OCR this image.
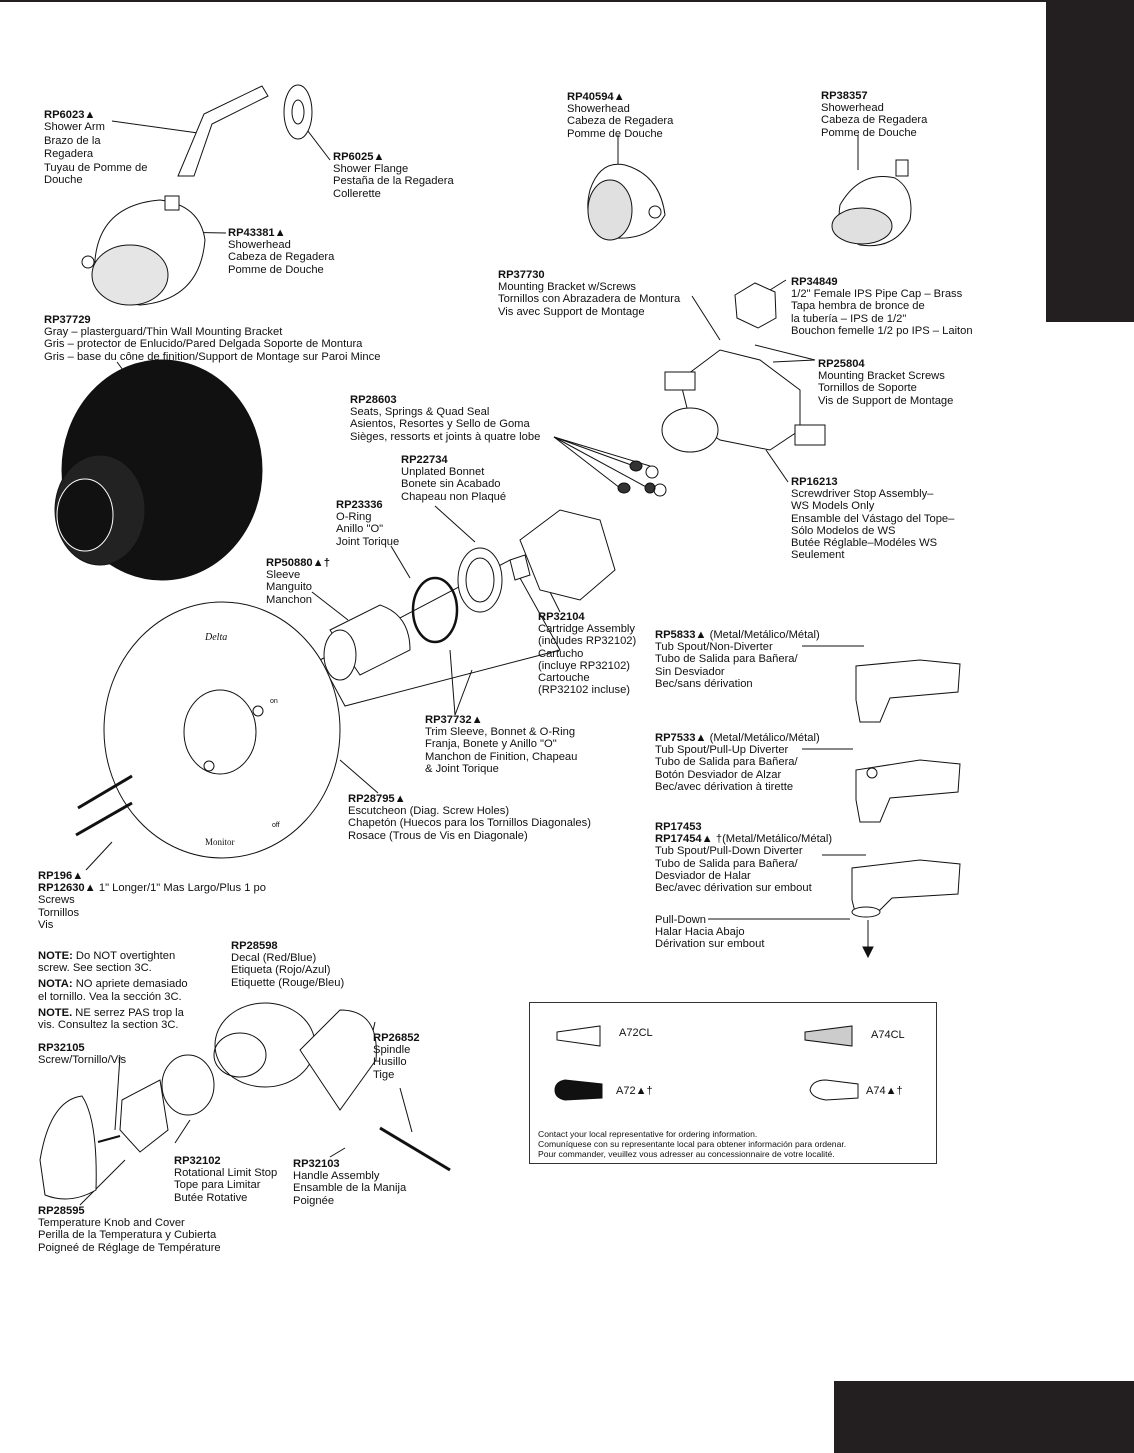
Delta
on
Monitor
off
RP6023▲
Shower Arm
Brazo de la
Regadera
Tuyau de Pomme de
Douche
RP6025▲
Shower Flange
Pestaña de la Regadera
Collerette
RP43381▲
Showerhead
Cabeza de Regadera
Pomme de Douche
RP40594▲
Showerhead
Cabeza de Regadera
Pomme de Douche
RP38357
Showerhead
Cabeza de Regadera
Pomme de Douche
RP37730
Mounting Bracket w/Screws
Tornillos con Abrazadera de Montura
Vis avec Support de Montage
RP34849
1/2" Female IPS Pipe Cap – Brass
Tapa hembra de bronce de
la tubería – IPS de 1/2"
Bouchon femelle 1/2 po IPS – Laiton
RP37729
Gray – plasterguard/Thin Wall Mounting Bracket
Gris – protector de Enlucido/Pared Delgada Soporte de Montura
Gris – base du cône de finition/Support de Montage sur Paroi Mince
RP25804
Mounting Bracket Screws
Tornillos de Soporte
Vis de Support de Montage
RP28603
Seats, Springs & Quad Seal
Asientos, Resortes y Sello de Goma
Sièges, ressorts et joints à quatre lobe
RP22734
Unplated Bonnet
Bonete sin Acabado
Chapeau non Plaqué
RP16213
Screwdriver Stop Assembly–
WS Models Only
Ensamble del Vástago del Tope–
Sólo Modelos de WS
Butée Réglable–Modéles WS
Seulement
RP23336
O-Ring
Anillo "O"
Joint Torique
RP50880▲†
Sleeve
Manguito
Manchon
RP32104
Cartridge Assembly
(includes RP32102)
Cartucho
(incluye RP32102)
Cartouche
(RP32102 incluse)
RP5833▲ (Metal/Metálico/Métal)
Tub Spout/Non-Diverter
Tubo de Salida para Bañera/
Sin Desviador
Bec/sans dérivation
RP37732▲
Trim Sleeve, Bonnet & O-Ring
Franja, Bonete y Anillo "O"
Manchon de Finition, Chapeau
& Joint Torique
RP7533▲ (Metal/Metálico/Métal)
Tub Spout/Pull-Up Diverter
Tubo de Salida para Bañera/
Botón Desviador de Alzar
Bec/avec dérivation à tirette
RP28795▲
Escutcheon (Diag. Screw Holes)
Chapetón (Huecos para los Tornillos Diagonales)
Rosace (Trous de Vis en Diagonale)
RP17453
RP17454▲ †(Metal/Metálico/Métal)
Tub Spout/Pull-Down Diverter
Tubo de Salida para Bañera/
Desviador de Halar
Bec/avec dérivation sur embout
RP196▲
RP12630▲ 1" Longer/1" Mas Largo/Plus 1 po
Screws
Tornillos
Vis	Pull-Down
Halar Hacia Abajo
Dérivation sur embout
NOTE: Do NOT overtighten
screw. See section 3C.
NOTA: NO apriete demasiado
el tornillo. Vea la sección 3C.
NOTE. NE serrez PAS trop la
vis. Consultez la section 3C.
RP28598
Decal (Red/Blue)
Etiqueta (Rojo/Azul)
Etiquette (Rouge/Bleu)
RP26852
Spindle
Husillo
Tige
RP32105
Screw/Tornillo/Vis
RP32102
Rotational Limit Stop
Tope para Limitar
Butée Rotative
RP32103
Handle Assembly
Ensamble de la Manija
Poignée
RP28595
Temperature Knob and Cover
Perilla de la Temperatura y Cubierta
Poigneé de Réglage de Température
A72CL	A74CL
A72▲†	A74▲†
Contact your local representative for ordering information.
Comuníquese con su representante local para obtener información para ordenar.
Pour commander, veuillez vous adresser au concessionnaire de votre localité.
